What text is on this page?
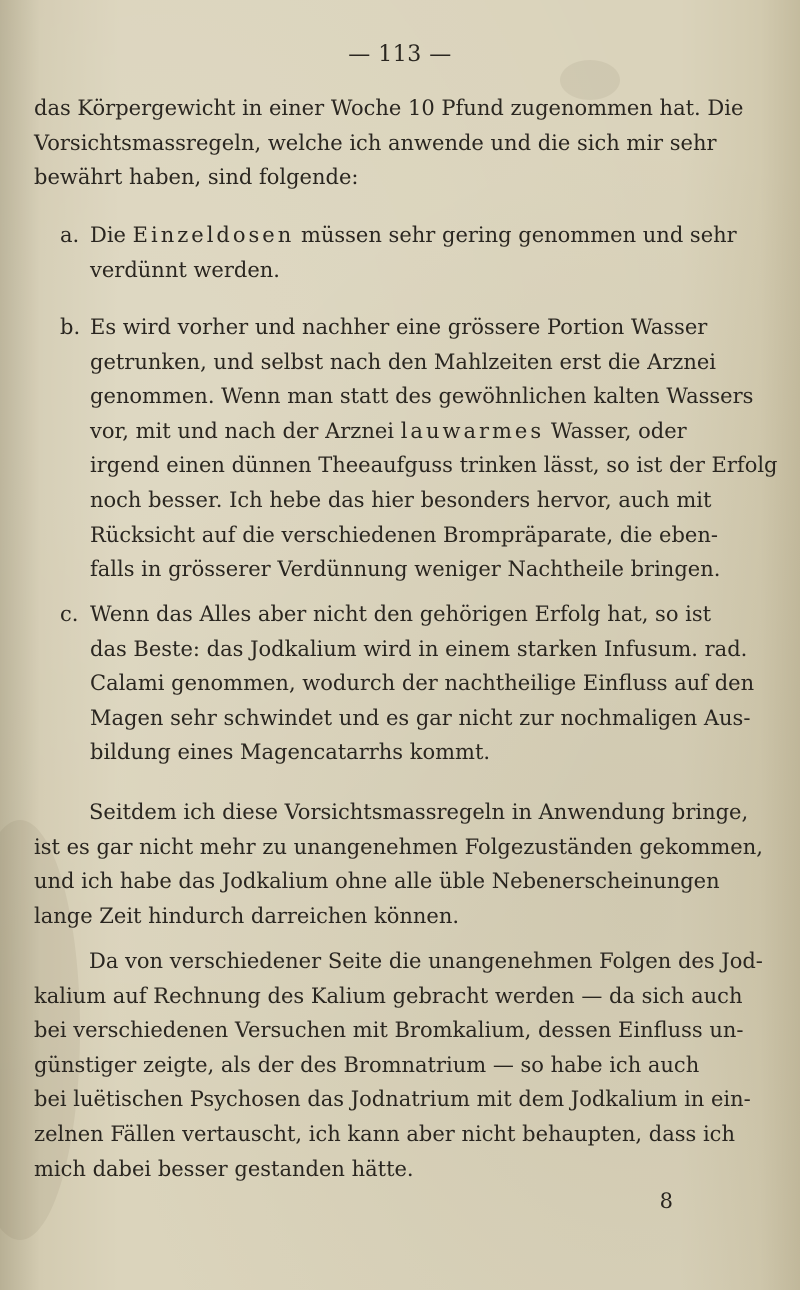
— 113 —
das Körpergewicht in einer Woche 10 Pfund zugenommen hat. Die
Vorsichtsmassregeln, welche ich anwende und die sich mir sehr
bewährt haben, sind folgende:
a. Die Einzeldosen müssen sehr gering genommen und sehr
verdünnt werden.
b. Es wird vorher und nachher eine grössere Portion Wasser
getrunken, und selbst nach den Mahlzeiten erst die Arznei
genommen. Wenn man statt des gewöhnlichen kalten Wassers
vor, mit und nach der Arznei lauwarmes Wasser, oder
irgend einen dünnen Theeaufguss trinken lässt, so ist der Erfolg
noch besser. Ich hebe das hier besonders hervor, auch mit
Rücksicht auf die verschiedenen Brompräparate, die eben-
falls in grösserer Verdünnung weniger Nachtheile bringen.
c. Wenn das Alles aber nicht den gehörigen Erfolg hat, so ist
das Beste: das Jodkalium wird in einem starken Infusum. rad.
Calami genommen, wodurch der nachtheilige Einfluss auf den
Magen sehr schwindet und es gar nicht zur nochmaligen Aus-
bildung eines Magencatarrhs kommt.
Seitdem ich diese Vorsichtsmassregeln in Anwendung bringe,
ist es gar nicht mehr zu unangenehmen Folgezuständen gekommen,
und ich habe das Jodkalium ohne alle üble Nebenerscheinungen
lange Zeit hindurch darreichen können.
Da von verschiedener Seite die unangenehmen Folgen des Jod-
kalium auf Rechnung des Kalium gebracht werden — da sich auch
bei verschiedenen Versuchen mit Bromkalium, dessen Einfluss un-
günstiger zeigte, als der des Bromnatrium — so habe ich auch
bei luëtischen Psychosen das Jodnatrium mit dem Jodkalium in ein-
zelnen Fällen vertauscht, ich kann aber nicht behaupten, dass ich
mich dabei besser gestanden hätte.
8
